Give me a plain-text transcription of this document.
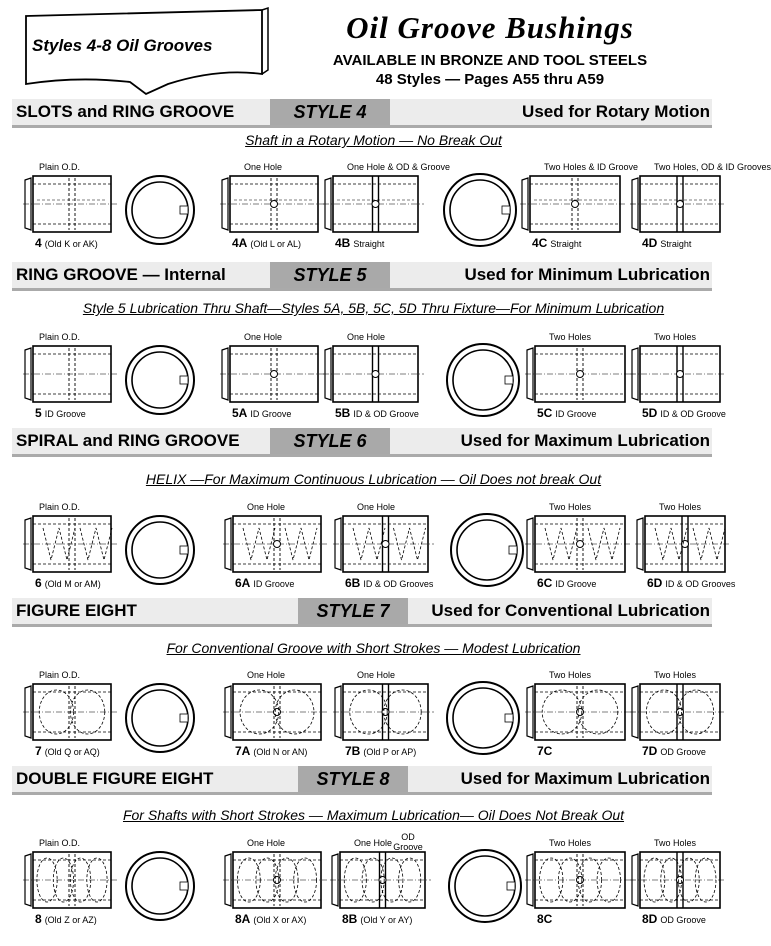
Styles 4-8 Oil Grooves
Oil Groove Bushings
AVAILABLE IN BRONZE AND TOOL STEELS
48 Styles — Pages A55 thru A59
SLOTS and RING GROOVE	STYLE 4	Used for Rotary Motion
Shaft in a Rotary Motion — No Break Out
Plain O.D.
4 (Old K or AK)
One Hole
4A (Old L or AL)
One Hole & OD & Groove
4B Straight
Two Holes & ID Groove
4C Straight
Two Holes, OD & ID Grooves
4D Straight
RING GROOVE — Internal	STYLE 5	Used for Minimum Lubrication
Style 5 Lubrication Thru Shaft—Styles 5A, 5B, 5C, 5D Thru Fixture—For Minimum Lubrication
Plain O.D.
5 ID Groove
One Hole
5A ID Groove
One Hole
5B ID & OD Groove
Two Holes
5C ID Groove
Two Holes
5D ID & OD Groove
SPIRAL and RING GROOVE	STYLE 6	Used for Maximum Lubrication
HELIX —For Maximum Continuous Lubrication — Oil Does not break Out
Plain O.D.
6 (Old M or AM)
One Hole
6A ID Groove
One Hole
6B ID & OD Grooves
Two Holes
6C ID Groove
Two Holes
6D ID & OD Grooves
FIGURE EIGHT	STYLE 7	Used for Conventional Lubrication
For Conventional Groove with Short Strokes — Modest Lubrication
Plain O.D.
7 (Old Q or AQ)
One Hole
7A (Old N or AN)
One Hole
7B (Old P or AP)
Two Holes
7C
Two Holes
7D OD Groove
DOUBLE FIGURE EIGHT	STYLE 8	Used for Maximum Lubrication
For Shafts with Short Strokes — Maximum Lubrication— Oil Does Not Break Out
Plain O.D.
8 (Old Z or AZ)
One Hole
8A (Old X or AX)
One Hole
8B (Old Y or AY)
Two Holes
8C
Two Holes
8D OD Groove
OD Groove
